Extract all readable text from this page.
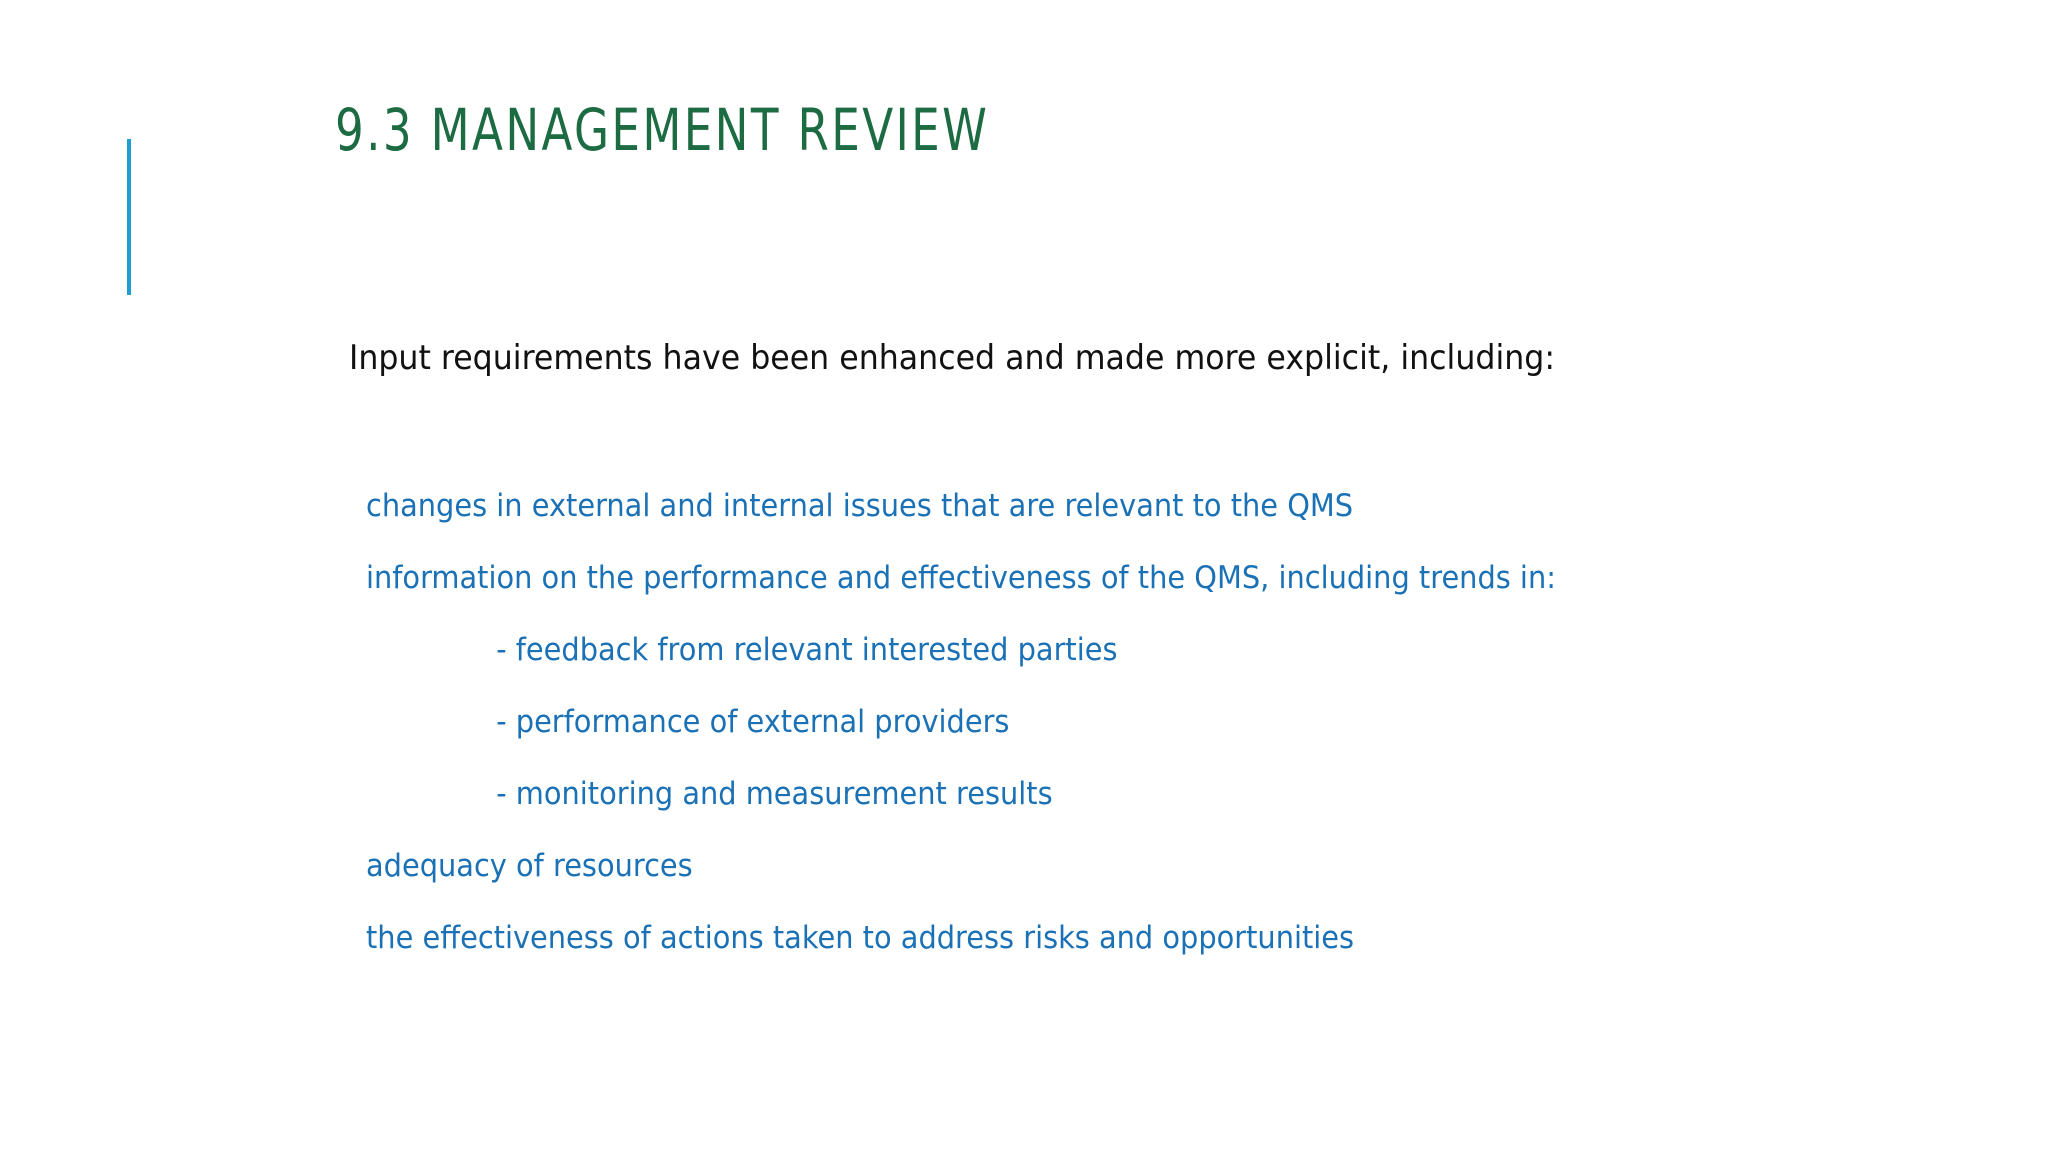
9.3 MANAGEMENT REVIEW

Input requirements have been enhanced and made more explicit, including:

changes in external and internal issues that are relevant to the QMS
information on the performance and effectiveness of the QMS, including trends in:
- feedback from relevant interested parties
- performance of external providers
- monitoring and measurement results
adequacy of resources
the effectiveness of actions taken to address risks and opportunities
